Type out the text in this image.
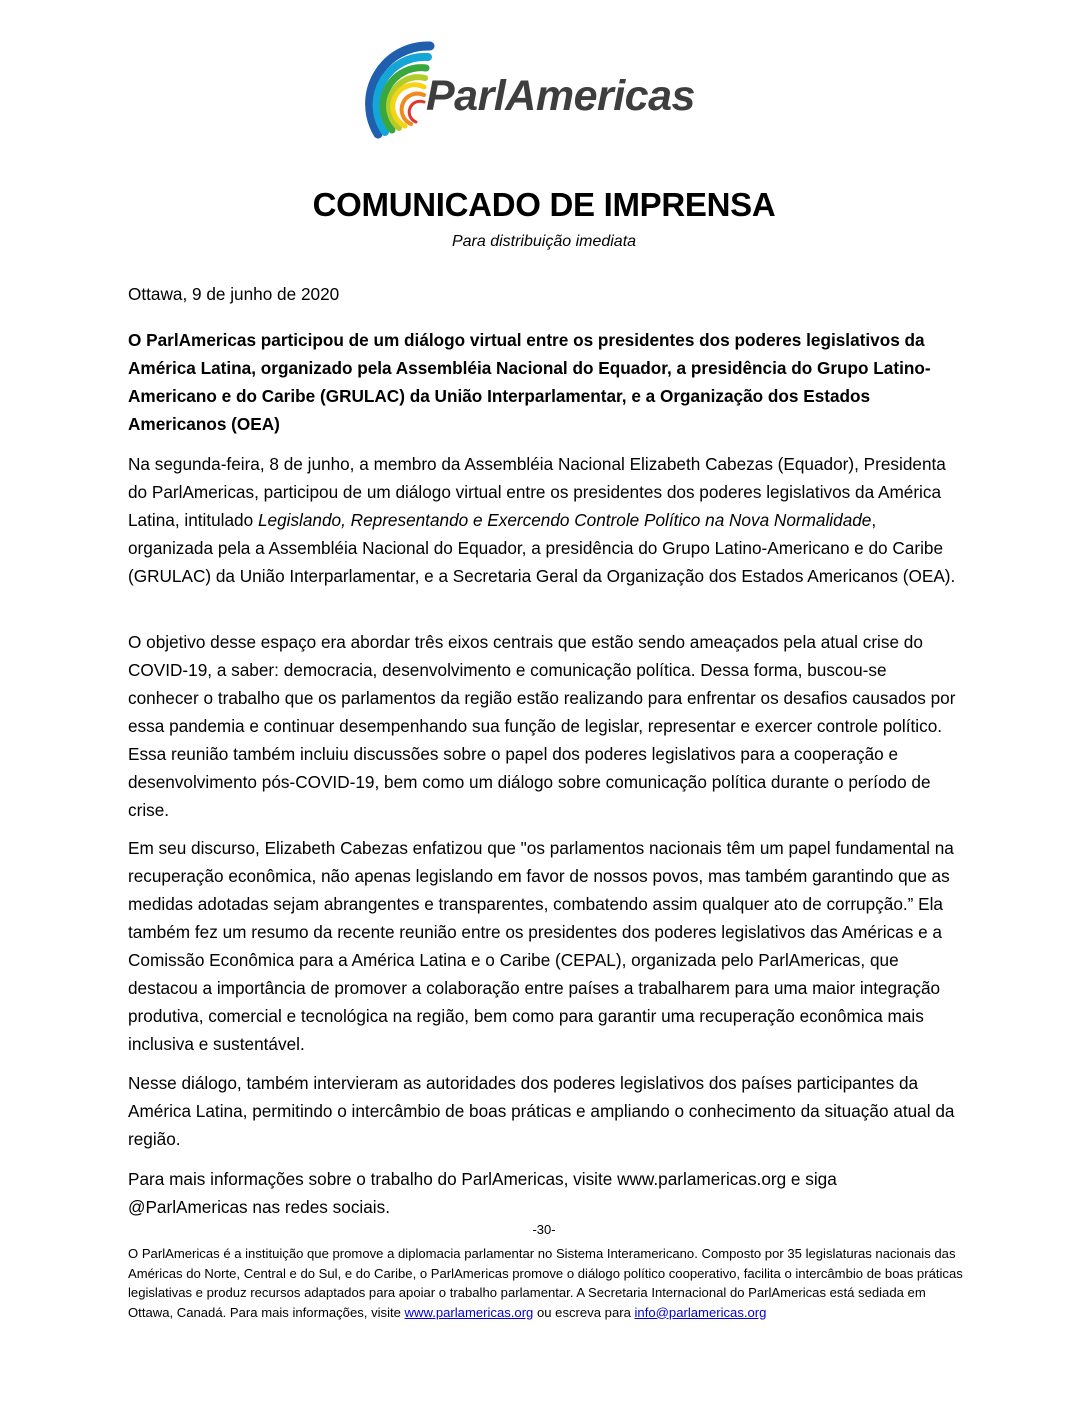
ParlAmericas
COMUNICADO DE IMPRENSA
Para distribuição imediata
Ottawa, 9 de junho de 2020
O ParlAmericas participou de um diálogo virtual entre os presidentes dos poderes legislativos da América Latina, organizado pela Assembléia Nacional do Equador, a presidência do Grupo Latino-Americano e do Caribe (GRULAC) da União Interparlamentar, e a Organização dos Estados Americanos (OEA)
Na segunda-feira, 8 de junho, a membro da Assembléia Nacional Elizabeth Cabezas (Equador), Presidenta do ParlAmericas, participou de um diálogo virtual entre os presidentes dos poderes legislativos da América Latina, intitulado Legislando, Representando e Exercendo Controle Político na Nova Normalidade, organizada pela a Assembléia Nacional do Equador, a presidência do Grupo Latino-Americano e do Caribe (GRULAC) da União Interparlamentar, e a Secretaria Geral da Organização dos Estados Americanos (OEA).
O objetivo desse espaço era abordar três eixos centrais que estão sendo ameaçados pela atual crise do COVID-19, a saber: democracia, desenvolvimento e comunicação política. Dessa forma, buscou-se conhecer o trabalho que os parlamentos da região estão realizando para enfrentar os desafios causados por essa pandemia e continuar desempenhando sua função de legislar, representar e exercer controle político. Essa reunião também incluiu discussões sobre o papel dos poderes legislativos para a cooperação e desenvolvimento pós-COVID-19, bem como um diálogo sobre comunicação política durante o período de crise.
Em seu discurso, Elizabeth Cabezas enfatizou que "os parlamentos nacionais têm um papel fundamental na recuperação econômica, não apenas legislando em favor de nossos povos, mas também garantindo que as medidas adotadas sejam abrangentes e transparentes, combatendo assim qualquer ato de corrupção.” Ela também fez um resumo da recente reunião entre os presidentes dos poderes legislativos das Américas e a Comissão Econômica para a América Latina e o Caribe (CEPAL), organizada pelo ParlAmericas, que destacou a importância de promover a colaboração entre países a trabalharem para uma maior integração produtiva, comercial e tecnológica na região, bem como para garantir uma recuperação econômica mais inclusiva e sustentável.
Nesse diálogo, também intervieram as autoridades dos poderes legislativos dos países participantes da América Latina, permitindo o intercâmbio de boas práticas e ampliando o conhecimento da situação atual da região.
Para mais informações sobre o trabalho do ParlAmericas, visite www.parlamericas.org e siga @ParlAmericas nas redes sociais.
-30-
O ParlAmericas é a instituição que promove a diplomacia parlamentar no Sistema Interamericano. Composto por 35 legislaturas nacionais das Américas do Norte, Central e do Sul, e do Caribe, o ParlAmericas promove o diálogo político cooperativo, facilita o intercâmbio de boas práticas legislativas e produz recursos adaptados para apoiar o trabalho parlamentar. A Secretaria Internacional do ParlAmericas está sediada em Ottawa, Canadá. Para mais informações, visite www.parlamericas.org ou escreva para info@parlamericas.org
